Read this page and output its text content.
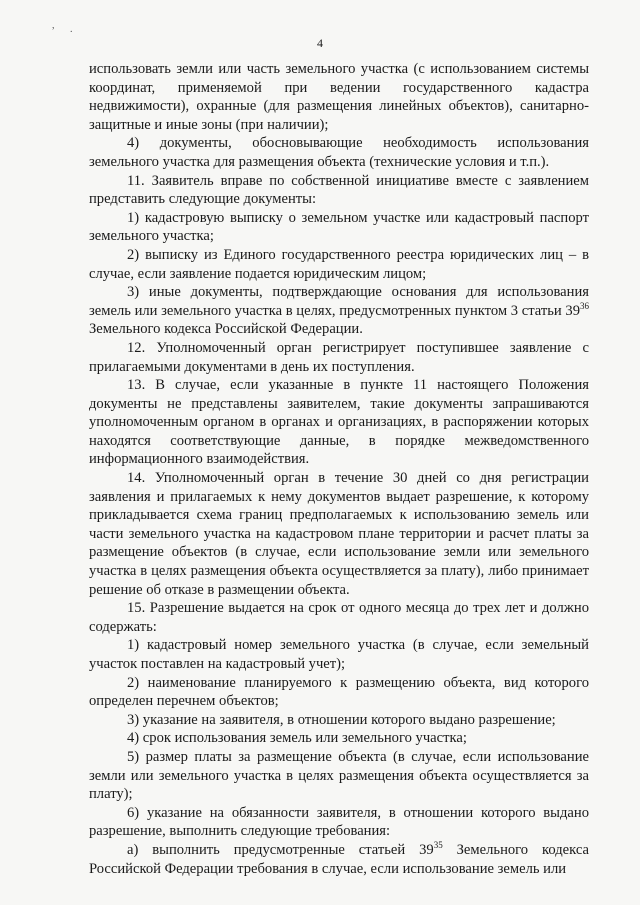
, .
4

использовать земли или часть земельного участка (с использованием системы координат, применяемой при ведении государственного кадастра недвижимости), охранные (для размещения линейных объектов), санитарно-защитные и иные зоны (при наличии);

4) документы, обосновывающие необходимость использования земельного участка для размещения объекта (технические условия и т.п.).

11. Заявитель вправе по собственной инициативе вместе с заявлением представить следующие документы:

1) кадастровую выписку о земельном участке или кадастровый паспорт земельного участка;

2) выписку из Единого государственного реестра юридических лиц – в случае, если заявление подается юридическим лицом;

3) иные документы, подтверждающие основания для использования земель или земельного участка в целях, предусмотренных пунктом 3 статьи $39^{36}$ Земельного кодекса Российской Федерации.

12. Уполномоченный орган регистрирует поступившее заявление с прилагаемыми документами в день их поступления.

13. В случае, если указанные в пункте 11 настоящего Положения документы не представлены заявителем, такие документы запрашиваются уполномоченным органом в органах и организациях, в распоряжении которых находятся соответствующие данные, в порядке межведомственного информационного взаимодействия.

14. Уполномоченный орган в течение 30 дней со дня регистрации заявления и прилагаемых к нему документов выдает разрешение, к которому прикладывается схема границ предполагаемых к использованию земель или части земельного участка на кадастровом плане территории и расчет платы за размещение объектов (в случае, если использование земли или земельного участка в целях размещения объекта осуществляется за плату), либо принимает решение об отказе в размещении объекта.

15. Разрешение выдается на срок от одного месяца до трех лет и должно содержать:

1) кадастровый номер земельного участка (в случае, если земельный участок поставлен на кадастровый учет);

2) наименование планируемого к размещению объекта, вид которого определен перечнем объектов;

3) указание на заявителя, в отношении которого выдано разрешение;

4) срок использования земель или земельного участка;

5) размер платы за размещение объекта (в случае, если использование земли или земельного участка в целях размещения объекта осуществляется за плату);

6) указание на обязанности заявителя, в отношении которого выдано разрешение, выполнить следующие требования:

а) выполнить предусмотренные статьей $39^{35}$ Земельного кодекса Российской Федерации требования в случае, если использование земель или
